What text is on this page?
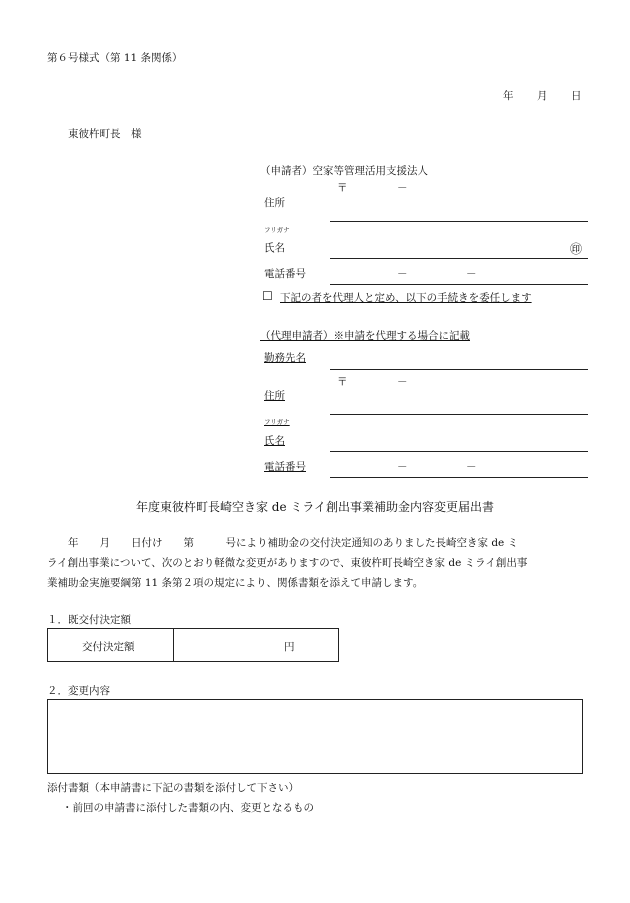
第６号様式（第 11 条関係）
年 月 日
東彼杵町長　様
（申請者）空家等管理活用支援法人
〒	－
住所
フリガナ
氏名	㊞
電話番号	－	－
☐ 下記の者を代理人と定め、以下の手続きを委任します
（代理申請者）※申請を代理する場合に記載
勤務先名
〒	－
住所
フリガナ
氏名
電話番号	－	－
年度東彼杵町長崎空き家 de ミライ創出事業補助金内容変更届出書
　　年　　月　　日付け　　第　　　号により補助金の交付決定通知のありました長崎空き家 de ミ
ライ創出事業について、次のとおり軽微な変更がありますので、東彼杵町長崎空き家 de ミライ創出事
業補助金実施要綱第 11 条第２項の規定により、関係書類を添えて申請します。
１．既交付決定額
交付決定額	円
２．変更内容
添付書類（本申請書に下記の書類を添付して下さい）
・前回の申請書に添付した書類の内、変更となるもの
